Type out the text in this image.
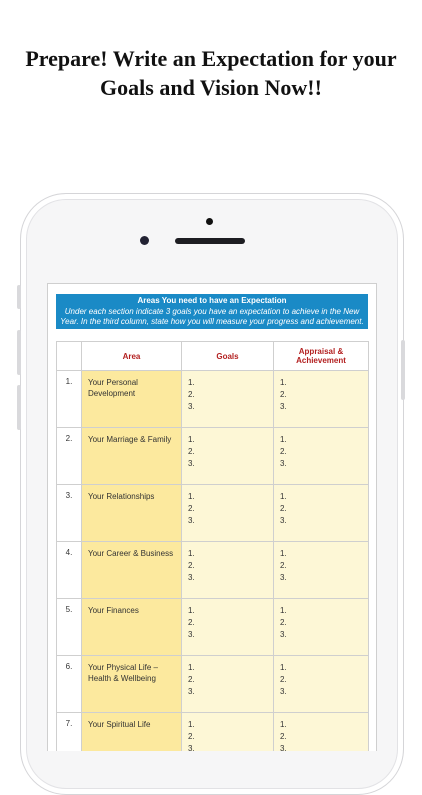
Prepare! Write an Expectation for your
Goals and Vision Now!!
Areas You need to have an Expectation
Under each section indicate 3 goals you have an expectation to achieve in the New Year. In the third column, state how you will measure your progress and achievement.
	Area	Goals	Appraisal & Achievement
1.	Your Personal Development	1.
2.
3.	1.
2.
3.

2.	Your Marriage & Family	1.
2.
3.	1.
2.
3.

3.	Your Relationships	1.
2.
3.	1.
2.
3.

4.	Your Career & Business	1.
2.
3.	1.
2.
3.

5.	Your Finances	1.
2.
3.	1.
2.
3.

6.	Your Physical Life – Health & Wellbeing	1.
2.
3.	1.
2.
3.

7.	Your Spiritual Life	1.
2.
3.	1.
2.
3.
